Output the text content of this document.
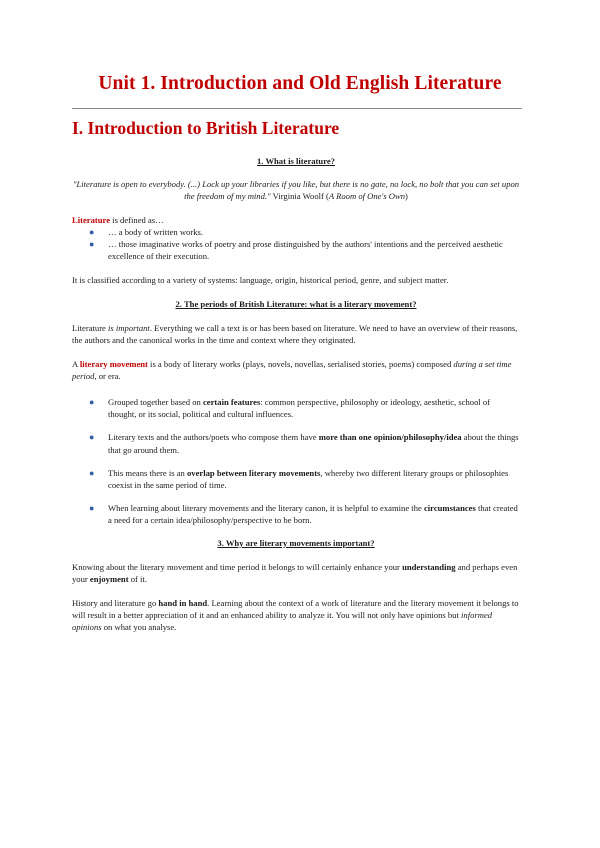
Unit 1. Introduction and Old English Literature
I. Introduction to British Literature

1. What is literature?

"Literature is open to everybody. (...) Lock up your libraries if you like, but there is no gate, no lock, no bolt that you can set upon the freedom of my mind." Virginia Woolf (A Room of One's Own)

Literature is defined as…

● … a body of written works.
● … those imaginative works of poetry and prose distinguished by the authors' intentions and the perceived aesthetic excellence of their execution.

It is classified according to a variety of systems: language, origin, historical period, genre, and subject matter.

2. The periods of British Literature: what is a literary movement?

Literature is important. Everything we call a text is or has been based on literature. We need to have an overview of their reasons, the authors and the canonical works in the time and context where they originated.

A literary movement is a body of literary works (plays, novels, novellas, serialised stories, poems) composed during a set time period, or era.

● Grouped together based on certain features: common perspective, philosophy or ideology, aesthetic, school of thought, or its social, political and cultural influences.
● Literary texts and the authors/poets who compose them have more than one opinion/philosophy/idea about the things that go around them.
● This means there is an overlap between literary movements, whereby two different literary groups or philosophies coexist in the same period of time.
● When learning about literary movements and the literary canon, it is helpful to examine the circumstances that created a need for a certain idea/philosophy/perspective to be born.

3. Why are literary movements important?

Knowing about the literary movement and time period it belongs to will certainly enhance your understanding and perhaps even your enjoyment of it.

History and literature go hand in hand. Learning about the context of a work of literature and the literary movement it belongs to will result in a better appreciation of it and an enhanced ability to analyze it. You will not only have opinions but informed opinions on what you analyse.
